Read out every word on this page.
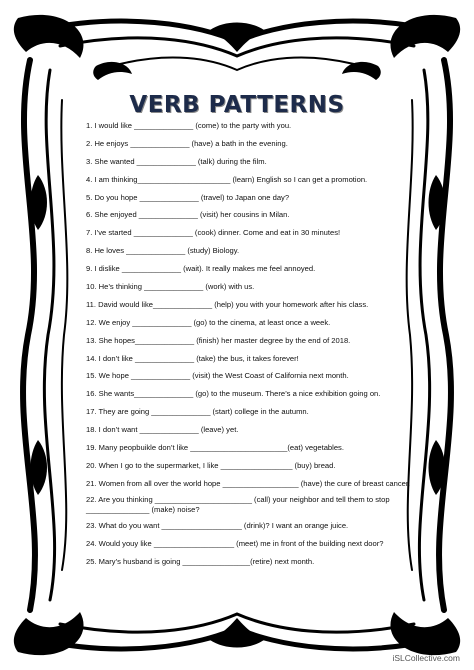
VERB PATTERNS
1. I would like ______________ (come) to the party with you.
2. He enjoys ______________ (have) a bath in the evening.
3. She wanted ______________ (talk) during the film.
4. I am thinking______________________ (learn) English so I can get a promotion.
5. Do you hope ______________ (travel) to Japan one day?
6. She enjoyed ______________ (visit) her cousins in Milan.
7. I’ve started ______________ (cook) dinner. Come and eat in 30 minutes!
8. He loves ______________ (study) Biology.
9. I dislike ______________ (wait). It really makes me feel annoyed.
10. He’s thinking ______________ (work) with us.
11. David would like______________ (help) you with your homework after his class.
12. We enjoy ______________ (go) to the cinema, at least once a week.
13. She hopes______________ (finish) her master degree by the end of 2018.
14. I don’t like ______________ (take) the bus, it takes forever!
15. We hope ______________ (visit) the West Coast of California next month.
16. She wants______________ (go) to the museum. There’s a nice exhibition going on.
17. They are going ______________ (start) college in the autumn.
18. I don’t want ______________ (leave) yet.
19. Many peopbuikle don’t like _______________________(eat) vegetables.
20. When I go to the supermarket, I like _________________ (buy) bread.
21. Women from all over the world hope __________________ (have) the cure of breast cancer.
22. Are you thinking _______________________ (call) your neighbor and tell them to stop _______________ (make) noise?
23. What do you want ___________________ (drink)? I want an orange juice.
24. Would youy like ___________________ (meet) me in front of the building next door?
25. Mary’s husband is going ________________(retire) next month.
iSLCollective.com
